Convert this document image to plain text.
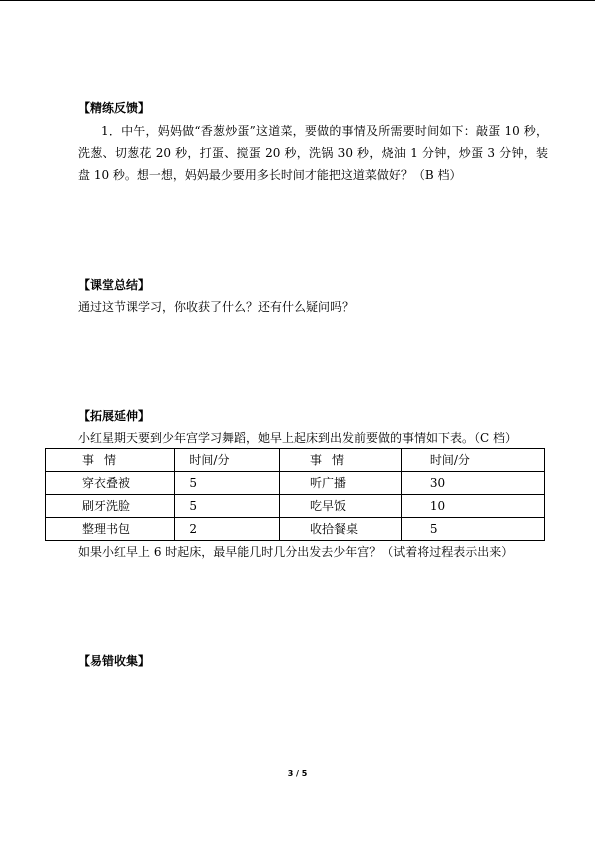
【精练反馈】
1．中午，妈妈做“香葱炒蛋”这道菜，要做的事情及所需要时间如下：敲蛋 10 秒，洗葱、切葱花 20 秒，打蛋、搅蛋 20 秒，洗锅 30 秒，烧油 1 分钟，炒蛋 3 分钟，装盘 10 秒。想一想，妈妈最少要用多长时间才能把这道菜做好？（B 档）
【课堂总结】
通过这节课学习，你收获了什么？还有什么疑问吗？
【拓展延伸】
小红星期天要到少年宫学习舞蹈，她早上起床到出发前要做的事情如下表。（C 档）
事情	时间/分	事情	时间/分
穿衣叠被	5	听广播	30
刷牙洗脸	5	吃早饭	10
整理书包	2	收拾餐桌	5
如果小红早上 6 时起床，最早能几时几分出发去少年宫？（试着将过程表示出来）
【易错收集】
3 / 5
